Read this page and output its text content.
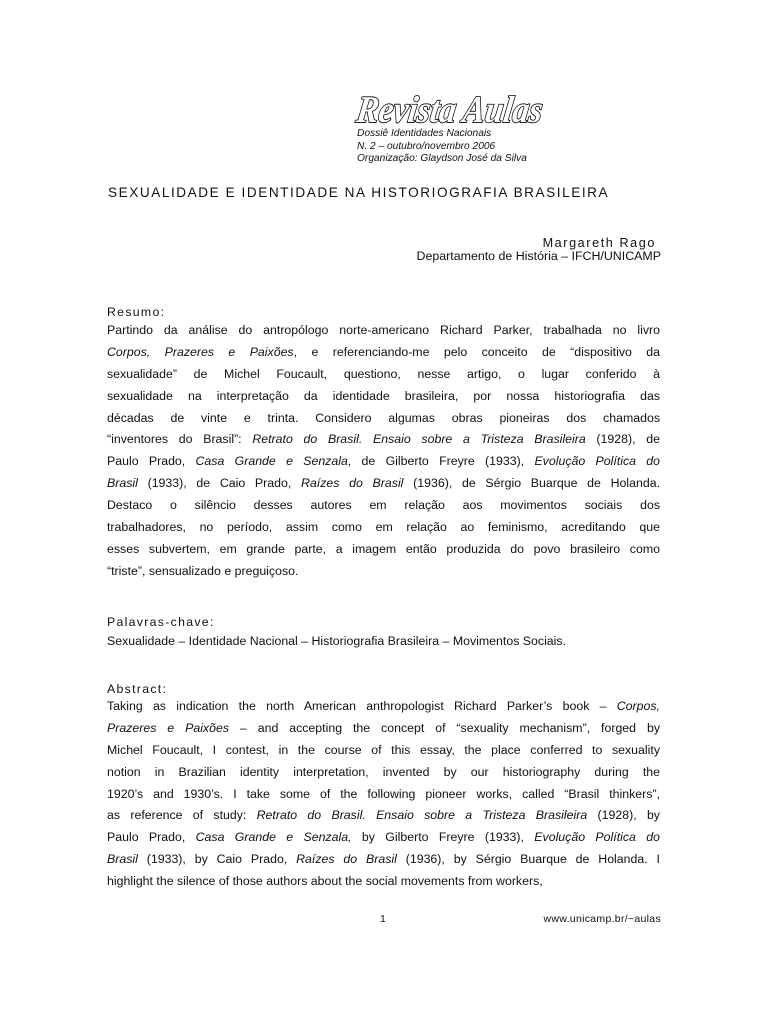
Revista Aulas
Dossiê Identidades Nacionais
N. 2 – outubro/novembro 2006
Organização: Glaydson José da Silva
SEXUALIDADE E IDENTIDADE NA HISTORIOGRAFIA BRASILEIRA
Margareth Rago
Departamento de História – IFCH/UNICAMP
Resumo:
Partindo da análise do antropólogo norte-americano Richard Parker, trabalhada no livro
Corpos, Prazeres e Paixões, e referenciando-me pelo conceito de “dispositivo da
sexualidade” de Michel Foucault, questiono, nesse artigo, o lugar conferido à
sexualidade na interpretação da identidade brasileira, por nossa historiografia das
décadas de vinte e trinta. Considero algumas obras pioneiras dos chamados
“inventores do Brasil”: Retrato do Brasil. Ensaio sobre a Tristeza Brasileira (1928), de
Paulo Prado, Casa Grande e Senzala, de Gilberto Freyre (1933), Evolução Política do
Brasil (1933), de Caio Prado, Raízes do Brasil (1936), de Sérgio Buarque de Holanda.
Destaco o silêncio desses autores em relação aos movimentos sociais dos
trabalhadores, no período, assim como em relação ao feminismo, acreditando que
esses subvertem, em grande parte, a imagem então produzida do povo brasileiro como
“triste”, sensualizado e preguiçoso.
Palavras-chave:
Sexualidade – Identidade Nacional – Historiografia Brasileira – Movimentos Sociais.
Abstract:
Taking as indication the north American anthropologist Richard Parker’s book – Corpos,
Prazeres e Paixões – and accepting the concept of “sexuality mechanism”, forged by
Michel Foucault, I contest, in the course of this essay, the place conferred to sexuality
notion in Brazilian identity interpretation, invented by our historiography during the
1920’s and 1930’s. I take some of the following pioneer works, called “Brasil thinkers”,
as reference of study: Retrato do Brasil. Ensaio sobre a Tristeza Brasileira (1928), by
Paulo Prado, Casa Grande e Senzala, by Gilberto Freyre (1933), Evolução Política do
Brasil (1933), by Caio Prado, Raízes do Brasil (1936), by Sérgio Buarque de Holanda. I
highlight the silence of those authors about the social movements from workers,
1	www.unicamp.br/~aulas
